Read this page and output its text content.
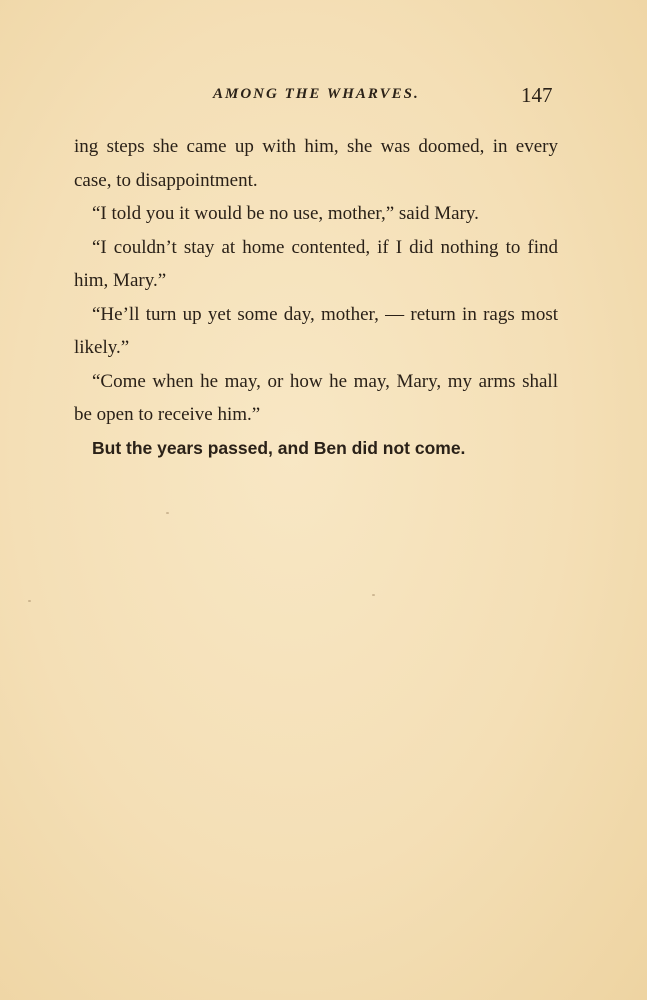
AMONG THE WHARVES.	147

ing steps she came up with him, she was doomed, in every case, to disappointment.

“I told you it would be no use, mother,” said Mary.

“I couldn’t stay at home contented, if I did nothing to find him, Mary.”

“He’ll turn up yet some day, mother, — return in rags most likely.”

“Come when he may, or how he may, Mary, my arms shall be open to receive him.”

But the years passed, and Ben did not come.
